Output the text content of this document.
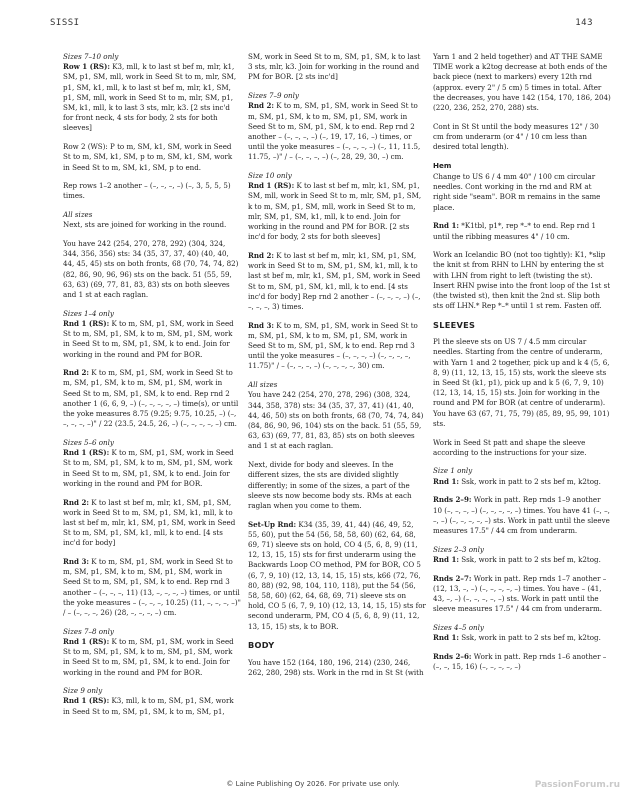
SISSI	143
Sizes 7–10 only

Row 1 (RS): K3, mll, k to last st bef m, mlr, k1, SM, p1, SM, mll, work in Seed St to m, mlr, SM, p1, SM, k1, mll, k to last st bef m, mlr, k1, SM, p1, SM, mll, work in Seed St to m, mlr, SM, p1, SM, k1, mll, k to last 3 sts, mlr, k3. [2 sts inc'd for front neck, 4 sts for body, 2 sts for both sleeves]

Row 2 (WS): P to m, SM, k1, SM, work in Seed St to m, SM, k1, SM, p to m, SM, k1, SM, work in Seed St to m, SM, k1, SM, p to end.

Rep rows 1–2 another – (–, –, –, –) (–, 3, 5, 5, 5) times.

All sizes

Next, sts are joined for working in the round.

You have 242 (254, 270, 278, 292) (304, 324, 344, 356, 356) sts: 34 (35, 37, 37, 40) (40, 40, 44, 45, 45) sts on both fronts, 68 (70, 74, 74, 82) (82, 86, 90, 96, 96) sts on the back. 51 (55, 59, 63, 63) (69, 77, 81, 83, 83) sts on both sleeves and 1 st at each raglan.

Sizes 1–4 only

Rnd 1 (RS): K to m, SM, p1, SM, work in Seed St to m, SM, p1, SM, k to m, SM, p1, SM, work in Seed St to m, SM, p1, SM, k to end. Join for working in the round and PM for BOR.

Rnd 2: K to m, SM, p1, SM, work in Seed St to m, SM, p1, SM, k to m, SM, p1, SM, work in Seed St to m, SM, p1, SM, k to end. Rep rnd 2 another 1 (6, 6, 9, –) (–, –, –, –, –) time(s), or until the yoke measures 8.75 (9.25; 9.75, 10.25, –) (–, –, –, –, –)" / 22 (23.5, 24.5, 26, –) (–, –, –, –, –) cm.

Sizes 5–6 only

Rnd 1 (RS): K to m, SM, p1, SM, work in Seed St to m, SM, p1, SM, k to m, SM, p1, SM, work in Seed St to m, SM, p1, SM, k to end. Join for working in the round and PM for BOR.

Rnd 2: K to last st bef m, mlr, k1, SM, p1, SM, work in Seed St to m, SM, p1, SM, k1, mll, k to last st bef m, mlr, k1, SM, p1, SM, work in Seed St to m, SM, p1, SM, k1, mll, k to end. [4 sts inc'd for body]

Rnd 3: K to m, SM, p1, SM, work in Seed St to m, SM, p1, SM, k to m, SM, p1, SM, work in Seed St to m, SM, p1, SM, k to end. Rep rnd 3 another – (–, –, –, 11) (13, –, –, –, –) times, or until the yoke measures – (–, –, –, 10.25) (11, –, –, –, –)" / – (–, –, –, 26) (28, –, –, –, –) cm.

Sizes 7–8 only

Rnd 1 (RS): K to m, SM, p1, SM, work in Seed St to m, SM, p1, SM, k to m, SM, p1, SM, work in Seed St to m, SM, p1, SM, k to end. Join for working in the round and PM for BOR.

Size 9 only

Rnd 1 (RS): K3, mll, k to m, SM, p1, SM, work in Seed St to m, SM, p1, SM, k to m, SM, p1,

SM, work in Seed St to m, SM, p1, SM, k to last 3 sts, mlr, k3. Join for working in the round and PM for BOR. [2 sts inc'd]

Sizes 7–9 only

Rnd 2: K to m, SM, p1, SM, work in Seed St to m, SM, p1, SM, k to m, SM, p1, SM, work in Seed St to m, SM, p1, SM, k to end. Rep rnd 2 another – (–, –, –, –) (–, 19, 17, 16, –) times, or until the yoke measures – (–, –, –, –) (–, 11, 11.5, 11.75, –)" / – (–, –, –, –) (–, 28, 29, 30, –) cm.

Size 10 only

Rnd 1 (RS): K to last st bef m, mlr, k1, SM, p1, SM, mll, work in Seed St to m, mlr, SM, p1, SM, k to m, SM, p1, SM, mll, work in Seed St to m, mlr, SM, p1, SM, k1, mll, k to end. Join for working in the round and PM for BOR. [2 sts inc'd for body, 2 sts for both sleeves]

Rnd 2: K to last st bef m, mlr, k1, SM, p1, SM, work in Seed St to m, SM, p1, SM, k1, mll, k to last st bef m, mlr, k1, SM, p1, SM, work in Seed St to m, SM, p1, SM, k1, mll, k to end. [4 sts inc'd for body] Rep rnd 2 another – (–, –, –, –) (–, –, –, –, 3) times.

Rnd 3: K to m, SM, p1, SM, work in Seed St to m, SM, p1, SM, k to m, SM, p1, SM, work in Seed St to m, SM, p1, SM, k to end. Rep rnd 3 until the yoke measures – (–, –, –, –) (–, –, –, –, 11.75)" / – (–, –, –, –) (–, –, –, –, 30) cm.

All sizes

You have 242 (254, 270, 278, 296) (308, 324, 344, 358, 378) sts: 34 (35, 37, 37, 41) (41, 40, 44, 46, 50) sts on both fronts, 68 (70, 74, 74, 84) (84, 86, 90, 96, 104) sts on the back. 51 (55, 59, 63, 63) (69, 77, 81, 83, 85) sts on both sleeves and 1 st at each raglan.

Next, divide for body and sleeves. In the different sizes, the sts are divided slightly differently; in some of the sizes, a part of the sleeve sts now become body sts. RMs at each raglan when you come to them.

Set-Up Rnd: K34 (35, 39, 41, 44) (46, 49, 52, 55, 60), put the 54 (56, 58, 58, 60) (62, 64, 68, 69, 71) sleeve sts on hold, CO 4 (5, 6, 8, 9) (11, 12, 13, 15, 15) sts for first underarm using the Backwards Loop CO method, PM for BOR, CO 5 (6, 7, 9, 10) (12, 13, 14, 15, 15) sts, k66 (72, 76, 80, 88) (92, 98, 104, 110, 118), put the 54 (56, 58, 58, 60) (62, 64, 68, 69, 71) sleeve sts on hold, CO 5 (6, 7, 9, 10) (12, 13, 14, 15, 15) sts for second underarm, PM, CO 4 (5, 6, 8, 9) (11, 12, 13, 15, 15) sts, k to BOR.

BODY

You have 152 (164, 180, 196, 214) (230, 246, 262, 280, 298) sts. Work in the rnd in St St (with

Yarn 1 and 2 held together) and AT THE SAME TIME work a k2tog decrease at both ends of the back piece (next to markers) every 12th rnd (approx. every 2" / 5 cm) 5 times in total. After the decreases, you have 142 (154, 170, 186, 204) (220, 236, 252, 270, 288) sts.

Cont in St St until the body measures 12" / 30 cm from underarm (or 4" / 10 cm less than desired total length).

Hem

Change to US 6 / 4 mm 40" / 100 cm circular needles. Cont working in the rnd and RM at right side "seam". BOR m remains in the same place.

Rnd 1: *K1tbl, p1*, rep *–* to end. Rep rnd 1 until the ribbing measures 4" / 10 cm.

Work an Icelandic BO (not too tightly): K1, *slip the knit st from RHN to LHN by entering the st with LHN from right to left (twisting the st). Insert RHN pwise into the front loop of the 1st st (the twisted st), then knit the 2nd st. Slip both sts off LHN.* Rep *–* until 1 st rem. Fasten off.

SLEEVES

Pl the sleeve sts on US 7 / 4.5 mm circular needles. Starting from the centre of underarm, with Yarn 1 and 2 together, pick up and k 4 (5, 6, 8, 9) (11, 12, 13, 15, 15) sts, work the sleeve sts in Seed St (k1, p1), pick up and k 5 (6, 7, 9, 10) (12, 13, 14, 15, 15) sts. Join for working in the round and PM for BOR (at centre of underarm). You have 63 (67, 71, 75, 79) (85, 89, 95, 99, 101) sts.

Work in Seed St patt and shape the sleeve according to the instructions for your size.

Size 1 only

Rnd 1: Ssk, work in patt to 2 sts bef m, k2tog.

Rnds 2–9: Work in patt. Rep rnds 1–9 another 10 (–, –, –, –) (–, –, –, –, –) times. You have 41 (–, –, –, –) (–, –, –, –, –) sts. Work in patt until the sleeve measures 17.5" / 44 cm from underarm.

Sizes 2–3 only

Rnd 1: Ssk, work in patt to 2 sts bef m, k2tog.

Rnds 2–7: Work in patt. Rep rnds 1–7 another – (12, 13, –, –) (–, –, –, –, –) times. You have – (41, 43, –, –) (–, –, –, –, –) sts. Work in patt until the sleeve measures 17.5" / 44 cm from underarm.

Sizes 4–5 only

Rnd 1: Ssk, work in patt to 2 sts bef m, k2tog.

Rnds 2–6: Work in patt. Rep rnds 1–6 another – (–, –, 15, 16) (–, –, –, –, –)

© Laine Publishing Oy 2026. For private use only.	PassionForum.ru
